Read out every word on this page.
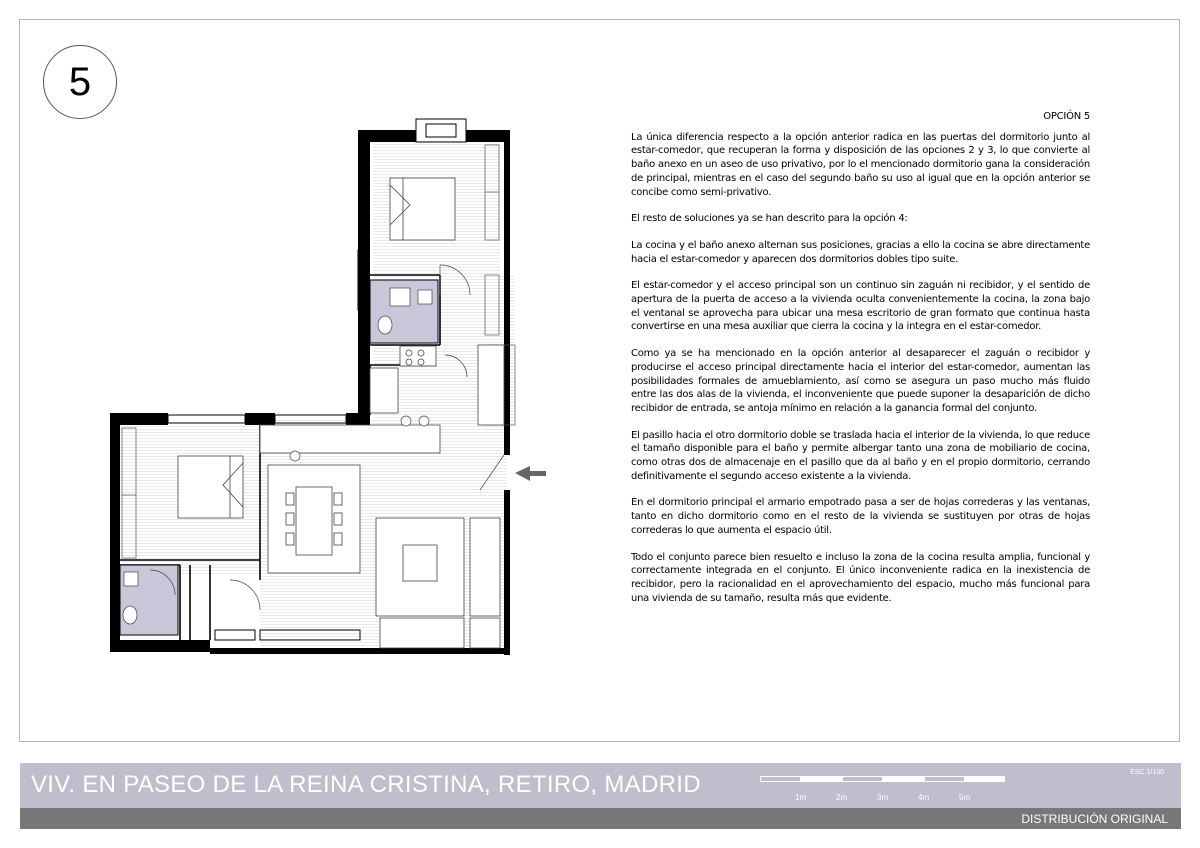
5
OPCIÓN 5

La única diferencia respecto a la opción anterior radica en las puertas del dormitorio junto al estar-comedor, que recuperan la forma y disposición de las opciones 2 y 3, lo que convierte al baño anexo en un aseo de uso privativo, por lo el mencionado dormitorio gana la consideración de principal, mientras en el caso del segundo baño su uso al igual que en la opción anterior se concibe como semi-privativo.

El resto de soluciones ya se han descrito para la opción 4:

La cocina y el baño anexo alternan sus posiciones, gracias a ello la cocina se abre directamente hacia el estar-comedor y aparecen dos dormitorios dobles tipo suite.

El estar-comedor y el acceso principal son un continuo sin zaguán ni recibidor, y el sentido de apertura de la puerta de acceso a la vivienda oculta convenientemente la cocina, la zona bajo el ventanal se aprovecha para ubicar una mesa escritorio de gran formato que continua hasta convertirse en una mesa auxiliar que cierra la cocina y la integra en el estar-comedor.

Como ya se ha mencionado en la opción anterior al desaparecer el zaguán o recibidor y producirse el acceso principal directamente hacia el interior del estar-comedor, aumentan las posibilidades formales de amueblamiento, así como se asegura un paso mucho más fluido entre las dos alas de la vivienda, el inconveniente que puede suponer la desaparición de dicho recibidor de entrada, se antoja mínimo en relación a la ganancia formal del conjunto.

El pasillo hacia el otro dormitorio doble se traslada hacia el interior de la vivienda, lo que reduce el tamaño disponible para el baño y permite albergar tanto una zona de mobiliario de cocina, como otras dos de almacenaje en el pasillo que da al baño y en el propio dormitorio, cerrando definitivamente el segundo acceso existente a la vivienda.

En el dormitorio principal el armario empotrado pasa a ser de hojas correderas y las ventanas, tanto en dicho dormitorio como en el resto de la vivienda se sustituyen por otras de hojas correderas lo que aumenta el espacio útil.

Todo el conjunto parece bien resuelto e incluso la zona de la cocina resulta amplia, funcional y correctamente integrada en el conjunto. El único inconveniente radica en la inexistencia de recibidor, pero la racionalidad en el aprovechamiento del espacio, mucho más funcional para una vivienda de su tamaño, resulta más que evidente.

VIV. EN PASEO DE LA REINA CRISTINA, RETIRO, MADRID	ESC 1/100
1m	2m	3m	4m	5m
DISTRIBUCIÓN ORIGINAL
